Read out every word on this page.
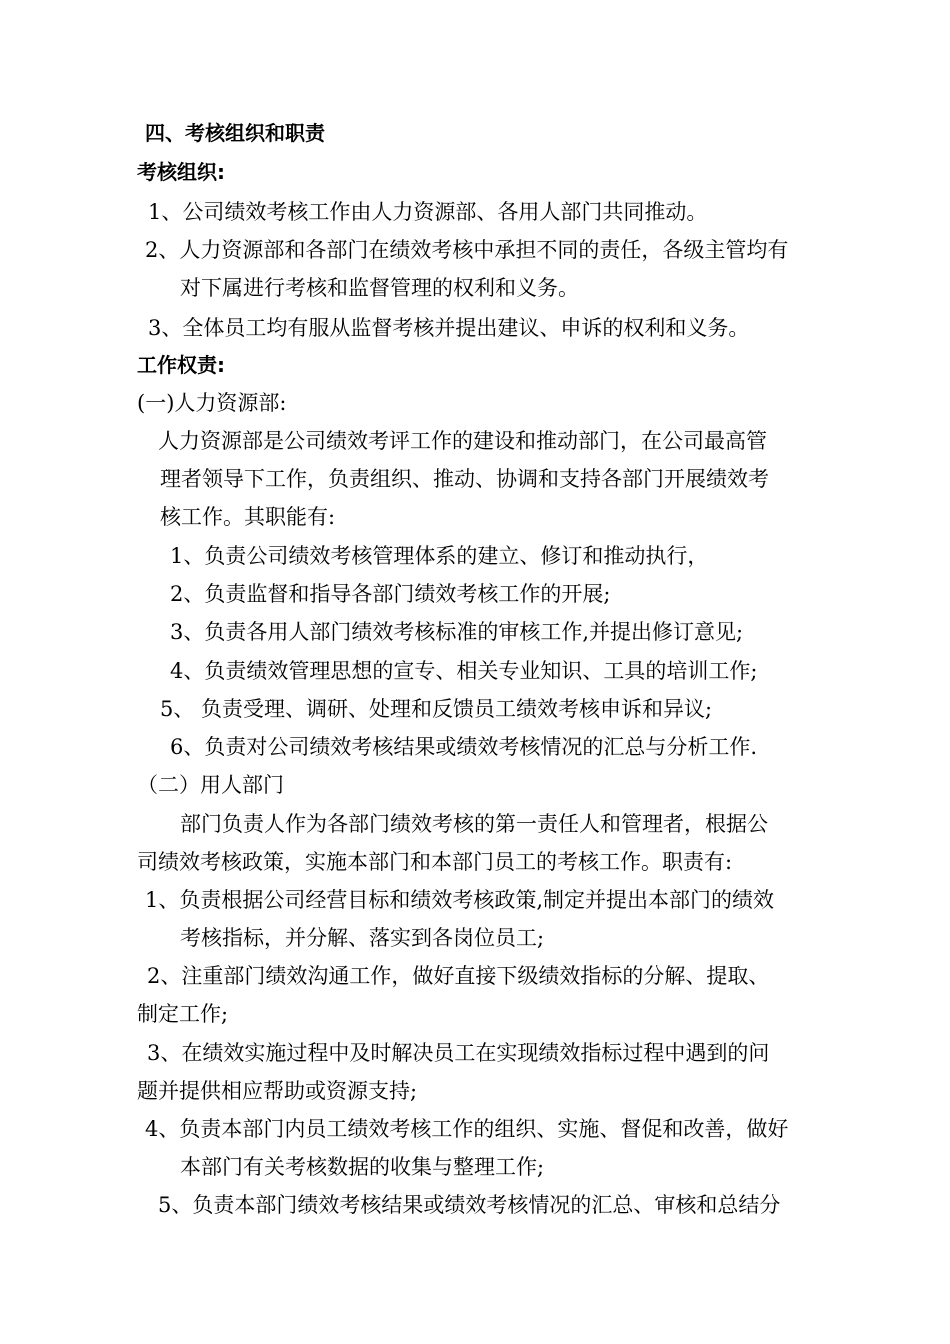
四、考核组织和职责
考核组织:
1、公司绩效考核工作由人力资源部、各用人部门共同推动。
2、人力资源部和各部门在绩效考核中承担不同的责任，各级主管均有
对下属进行考核和监督管理的权利和义务。
3、全体员工均有服从监督考核并提出建议、申诉的权利和义务。
工作权责:
(一)人力资源部:
人力资源部是公司绩效考评工作的建设和推动部门，在公司最高管
理者领导下工作，负责组织、推动、协调和支持各部门开展绩效考
核工作。其职能有:
1、负责公司绩效考核管理体系的建立、修订和推动执行，
2、负责监督和指导各部门绩效考核工作的开展;
3、负责各用人部门绩效考核标准的审核工作,并提出修订意见;
4、负责绩效管理思想的宣专、相关专业知识、工具的培训工作;
5、 负责受理、调研、处理和反馈员工绩效考核申诉和异议;
6、负责对公司绩效考核结果或绩效考核情况的汇总与分析工作.
（二）用人部门
部门负责人作为各部门绩效考核的第一责任人和管理者，根据公
司绩效考核政策，实施本部门和本部门员工的考核工作。职责有:
1、负责根据公司经营目标和绩效考核政策,制定并提出本部门的绩效
考核指标，并分解、落实到各岗位员工;
2、注重部门绩效沟通工作，做好直接下级绩效指标的分解、提取、
制定工作;
3、在绩效实施过程中及时解决员工在实现绩效指标过程中遇到的问
题并提供相应帮助或资源支持;
4、负责本部门内员工绩效考核工作的组织、实施、督促和改善，做好
本部门有关考核数据的收集与整理工作;
5、负责本部门绩效考核结果或绩效考核情况的汇总、审核和总结分
